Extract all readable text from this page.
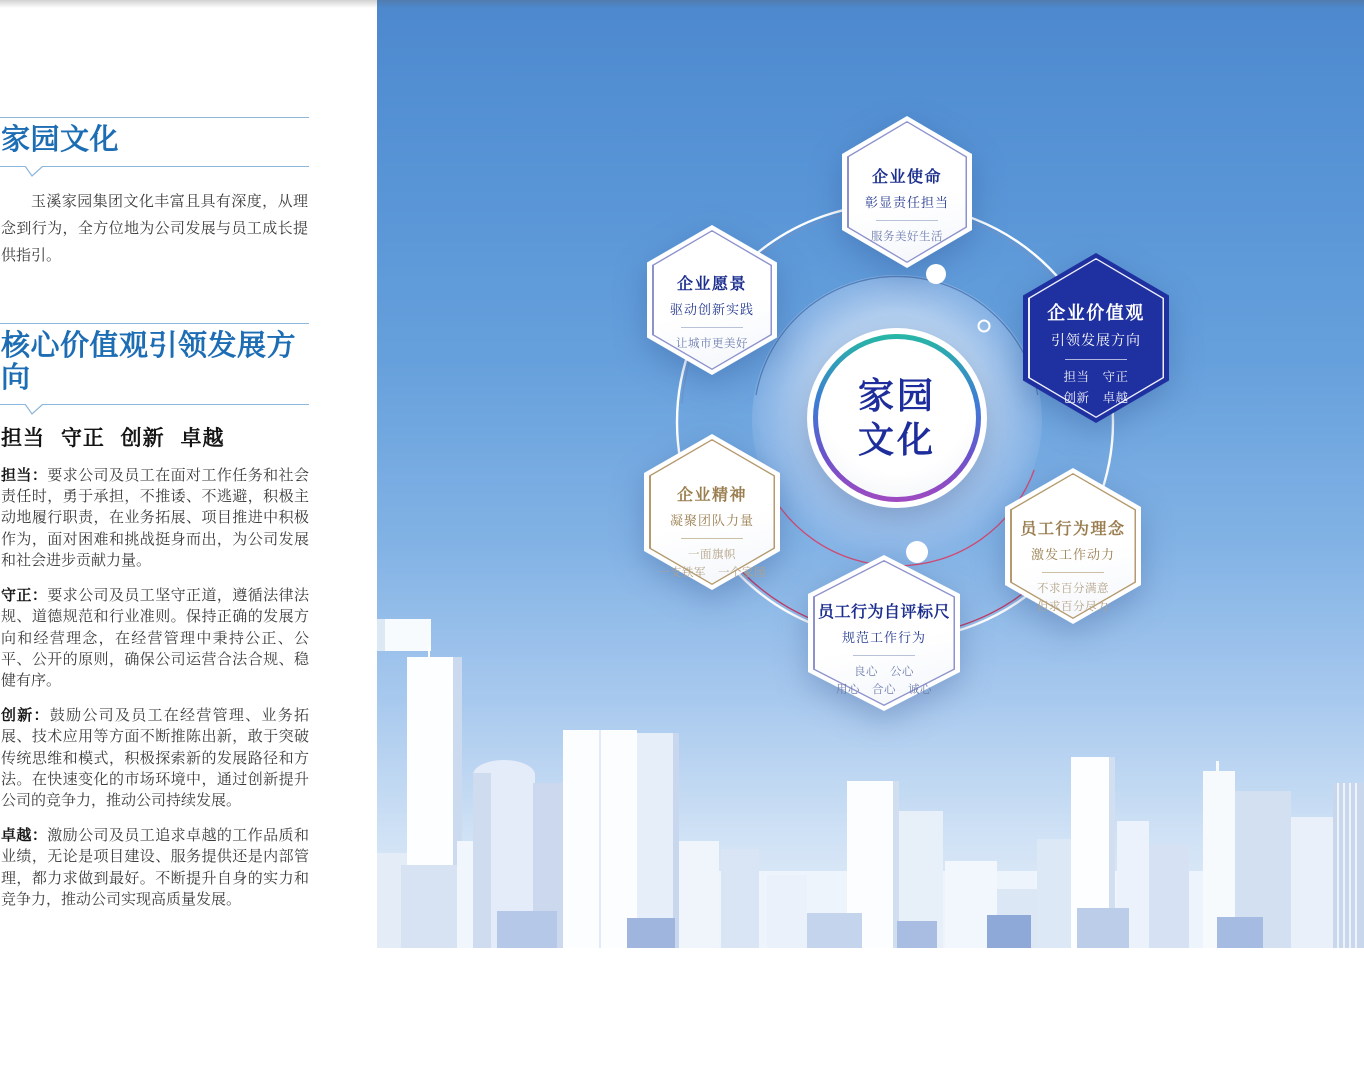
家园文化

玉溪家园集团文化丰富且具有深度，从理念到行为，全方位地为公司发展与员工成长提供指引。

核心价值观引领发展方向
担当 守正 创新 卓越

担当：要求公司及员工在面对工作任务和社会责任时，勇于承担，不推诿、不逃避，积极主动地履行职责，在业务拓展、项目推进中积极作为，面对困难和挑战挺身而出，为公司发展和社会进步贡献力量。

守正：要求公司及员工坚守正道，遵循法律法规、道德规范和行业准则。保持正确的发展方向和经营理念，在经营管理中秉持公正、公平、公开的原则，确保公司运营合法合规、稳健有序。

创新：鼓励公司及员工在经营管理、业务拓展、技术应用等方面不断推陈出新，敢于突破传统思维和模式，积极探索新的发展路径和方法。在快速变化的市场环境中，通过创新提升公司的竞争力，推动公司持续发展。

卓越：激励公司及员工追求卓越的工作品质和业绩，无论是项目建设、服务提供还是内部管理，都力求做到最好。不断提升自身的实力和竞争力，推动公司实现高质量发展。

企业使命
彰显责任担当
服务美好生活
企业愿景
驱动创新实践
让城市更美好
企业价值观
引领发展方向
担当　守正
创新　卓越
企业精神
凝聚团队力量
一面旗帜
一支铁军　一个家园
员工行为理念
激发工作动力
不求百分满意
但求百分尽力
员工行为自评标尺
规范工作行为
良心　公心
用心　合心　诚心
家园
文化
